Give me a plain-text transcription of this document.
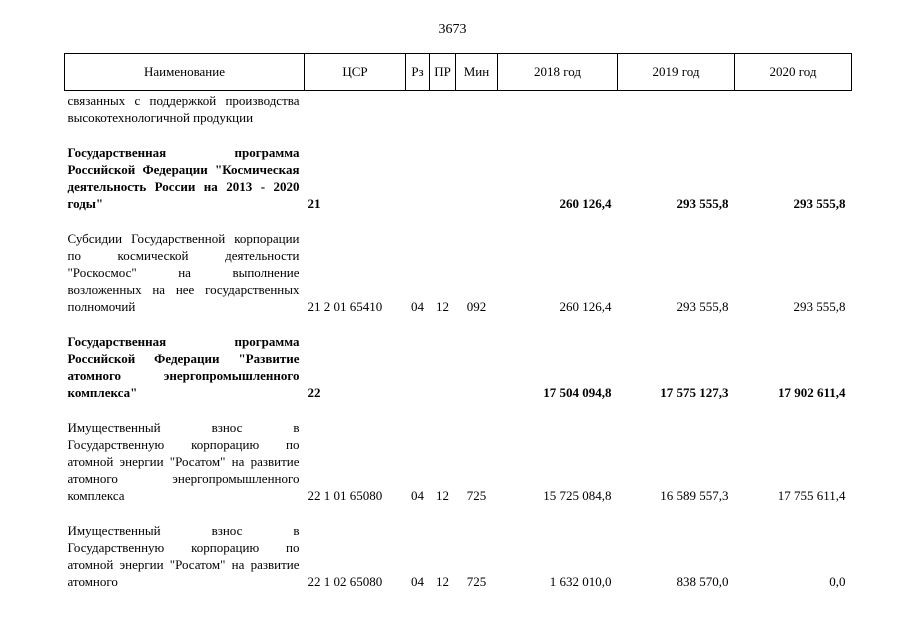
3673
Наименование	ЦСР	Рз	ПР	Мин	2018 год	2019 год	2020 год
связанных с поддержкой производства высокотехнологичной продукции							

Государственная программа Российской Федерации "Космическая деятельность России на 2013 - 2020 годы"	21				260 126,4	293 555,8	293 555,8

Субсидии Государственной корпорации по космической деятельности "Роскосмос" на выполнение возложенных на нее государственных полномочий	21 2 01 65410	04	12	092	260 126,4	293 555,8	293 555,8

Государственная программа Российской Федерации "Развитие атомного энергопромышленного комплекса"	22				17 504 094,8	17 575 127,3	17 902 611,4

Имущественный взнос в Государственную корпорацию по атомной энергии "Росатом" на развитие атомного энергопромышленного комплекса	22 1 01 65080	04	12	725	15 725 084,8	16 589 557,3	17 755 611,4

Имущественный взнос в Государственную корпорацию по атомной энергии "Росатом" на развитие атомного	22 1 02 65080	04	12	725	1 632 010,0	838 570,0	0,0
